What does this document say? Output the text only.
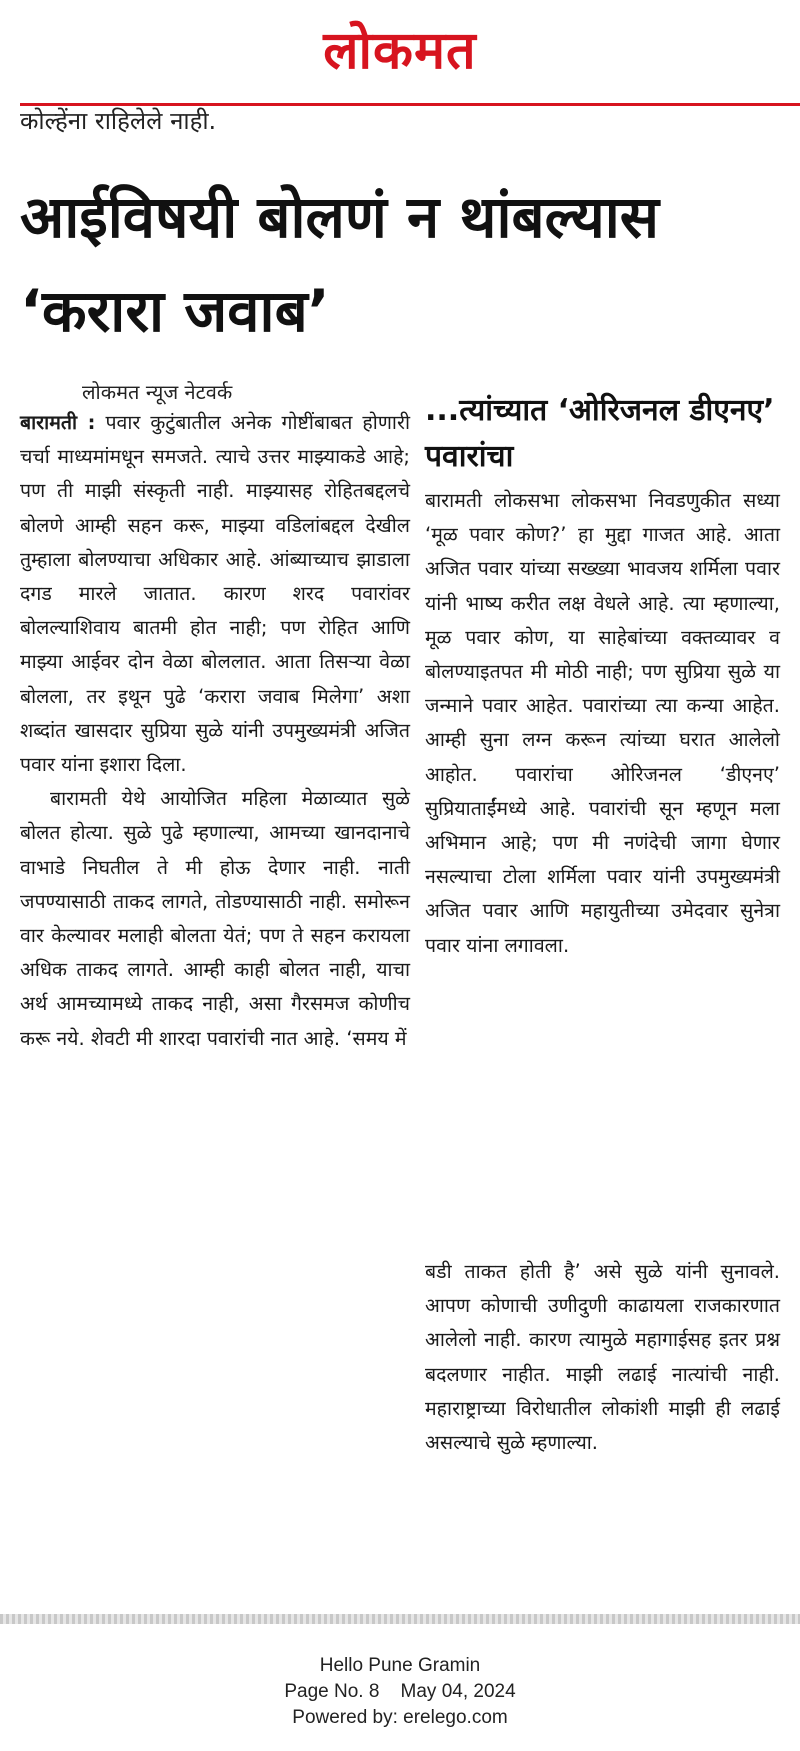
लोकमत
कोल्हेंना राहिलेले नाही.
आईविषयी बोलणं न थांबल्यास ‘करारा जवाब’
लोकमत न्यूज नेटवर्क

बारामती : पवार कुटुंबातील अनेक गोष्टींबाबत होणारी चर्चा माध्यमांमधून समजते. त्याचे उत्तर माझ्याकडे आहे; पण ती माझी संस्कृती नाही. माझ्यासह रोहितबद्दलचे बोलणे आम्ही सहन करू, माझ्या वडिलांबद्दल देखील तुम्हाला बोलण्याचा अधिकार आहे. आंब्याच्याच झाडाला दगड मारले जातात. कारण शरद पवारांवर बोलल्याशिवाय बातमी होत नाही; पण रोहित आणि माझ्या आईवर दोन वेळा बोललात. आता तिसऱ्या वेळा बोलला, तर इथून पुढे ‘करारा जवाब मिलेगा’ अशा शब्दांत खासदार सुप्रिया सुळे यांनी उपमुख्यमंत्री अजित पवार यांना इशारा दिला.

बारामती येथे आयोजित महिला मेळाव्यात सुळे बोलत होत्या. सुळे पुढे म्हणाल्या, आमच्या खानदानाचे वाभाडे निघतील ते मी होऊ देणार नाही. नाती जपण्यासाठी ताकद लागते, तोडण्यासाठी नाही. समोरून वार केल्यावर मलाही बोलता येतं; पण ते सहन करायला अधिक ताकद लागते. आम्ही काही बोलत नाही, याचा अर्थ आमच्यामध्ये ताकद नाही, असा गैरसमज कोणीच करू नये. शेवटी मी शारदा पवारांची नात आहे. ‘समय में

...त्यांच्यात ‘ओरिजनल डीएनए’ पवारांचा

बारामती लोकसभा लोकसभा निवडणुकीत सध्या ‘मूळ पवार कोण?’ हा मुद्दा गाजत आहे. आता अजित पवार यांच्या सख्ख्या भावजय शर्मिला पवार यांनी भाष्य करीत लक्ष वेधले आहे. त्या म्हणाल्या, मूळ पवार कोण, या साहेबांच्या वक्तव्यावर व बोलण्याइतपत मी मोठी नाही; पण सुप्रिया सुळे या जन्माने पवार आहेत. पवारांच्या त्या कन्या आहेत. आम्ही सुना लग्न करून त्यांच्या घरात आलेलो आहोत. पवारांचा ओरिजनल ‘डीएनए’ सुप्रियाताईंमध्ये आहे. पवारांची सून म्हणून मला अभिमान आहे; पण मी नणंदेची जागा घेणार नसल्याचा टोला शर्मिला पवार यांनी उपमुख्यमंत्री अजित पवार आणि महायुतीच्या उमेदवार सुनेत्रा पवार यांना लगावला.

बडी ताकत होती है’ असे सुळे यांनी सुनावले. आपण कोणाची उणीदुणी काढायला राजकारणात आलेलो नाही. कारण त्यामुळे महागाईसह इतर प्रश्न बदलणार नाहीत. माझी लढाई नात्यांची नाही. महाराष्ट्राच्या विरोधातील लोकांशी माझी ही लढाई असल्याचे सुळे म्हणाल्या.

Hello Pune Gramin
Page No. 8 May 04, 2024
Powered by: erelego.com
